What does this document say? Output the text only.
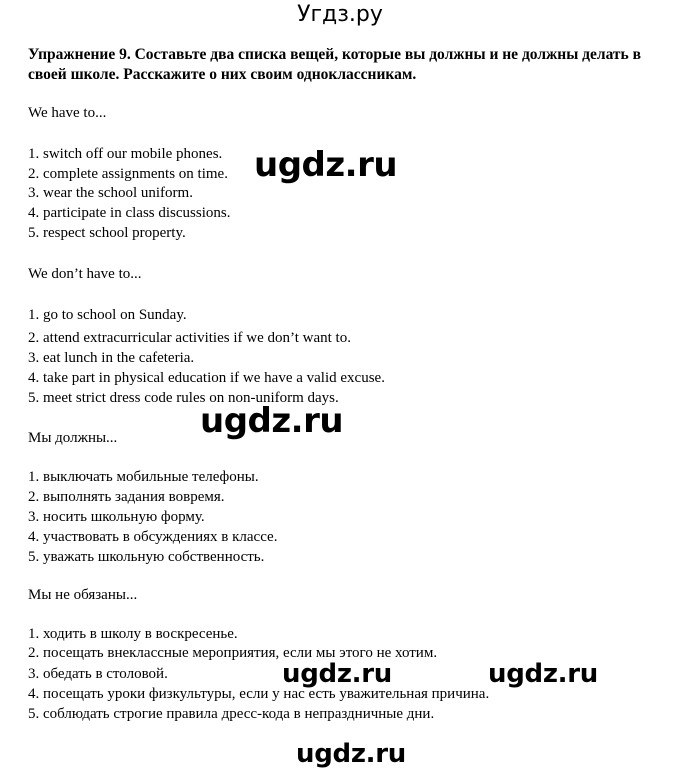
Угдз.ру
Упражнение 9. Составьте два списка вещей, которые вы должны и не должны делать в своей школе. Расскажите о них своим одноклассникам.
We have to...
1. switch off our mobile phones.
2. complete assignments on time.
3. wear the school uniform.
4. participate in class discussions.
5. respect school property.
We don’t have to...
1. go to school on Sunday.
2. attend extracurricular activities if we don’t want to.
3. eat lunch in the cafeteria.
4. take part in physical education if we have a valid excuse.
5. meet strict dress code rules on non-uniform days.
Мы должны...
1. выключать мобильные телефоны.
2. выполнять задания вовремя.
3. носить школьную форму.
4. участвовать в обсуждениях в классе.
5. уважать школьную собственность.
Мы не обязаны...
1. ходить в школу в воскресенье.
2. посещать внеклассные мероприятия, если мы этого не хотим.
3. обедать в столовой.
4. посещать уроки физкультуры, если у нас есть уважительная причина.
5. соблюдать строгие правила дресс-кода в непраздничные дни.
ugdz.ru
ugdz.ru
ugdz.ru	ugdz.ru
ugdz.ru
